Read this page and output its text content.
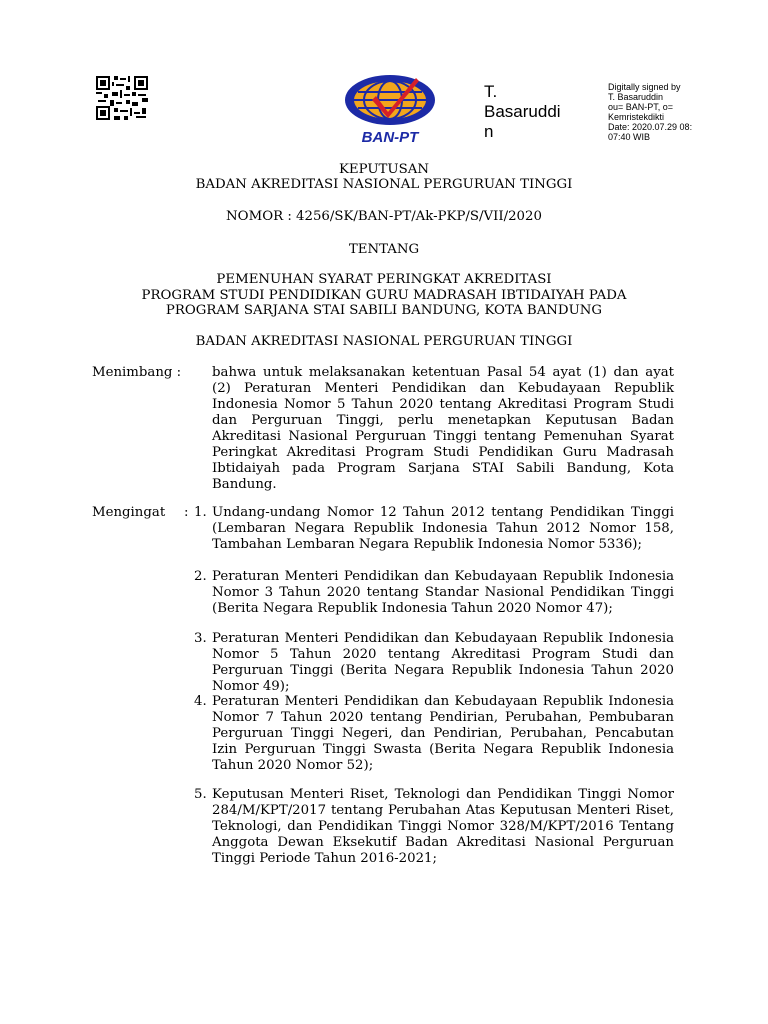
BAN-PT
T.
Basaruddi
n
Digitally signed by
T. Basaruddin
ou= BAN-PT, o=
Kemristekdikti
Date: 2020.07.29 08:
07:40 WIB
KEPUTUSAN
BADAN AKREDITASI NASIONAL PERGURUAN TINGGI
NOMOR : 4256/SK/BAN-PT/Ak-PKP/S/VII/2020
TENTANG
PEMENUHAN SYARAT PERINGKAT AKREDITASI
PROGRAM STUDI PENDIDIKAN GURU MADRASAH IBTIDAIYAH PADA
PROGRAM SARJANA STAI SABILI BANDUNG, KOTA BANDUNG
BADAN AKREDITASI NASIONAL PERGURUAN TINGGI
Menimbang : bahwa untuk melaksanakan ketentuan Pasal 54 ayat (1) dan ayat (2) Peraturan Menteri Pendidikan dan Kebudayaan Republik Indonesia Nomor 5 Tahun 2020 tentang Akreditasi Program Studi dan Perguruan Tinggi, perlu menetapkan Keputusan Badan Akreditasi Nasional Perguruan Tinggi tentang Pemenuhan Syarat Peringkat Akreditasi Program Studi Pendidikan Guru Madrasah Ibtidaiyah pada Program Sarjana STAI Sabili Bandung, Kota Bandung.
Mengingat : 1. Undang-undang Nomor 12 Tahun 2012 tentang Pendidikan Tinggi (Lembaran Negara Republik Indonesia Tahun 2012 Nomor 158, Tambahan Lembaran Negara Republik Indonesia Nomor 5336);
2. Peraturan Menteri Pendidikan dan Kebudayaan Republik Indonesia Nomor 3 Tahun 2020 tentang Standar Nasional Pendidikan Tinggi (Berita Negara Republik Indonesia Tahun 2020 Nomor 47);
3. Peraturan Menteri Pendidikan dan Kebudayaan Republik Indonesia Nomor 5 Tahun 2020 tentang Akreditasi Program Studi dan Perguruan Tinggi (Berita Negara Republik Indonesia Tahun 2020 Nomor 49);
4. Peraturan Menteri Pendidikan dan Kebudayaan Republik Indonesia Nomor 7 Tahun 2020 tentang Pendirian, Perubahan, Pembubaran Perguruan Tinggi Negeri, dan Pendirian, Perubahan, Pencabutan Izin Perguruan Tinggi Swasta (Berita Negara Republik Indonesia Tahun 2020 Nomor 52);
5. Keputusan Menteri Riset, Teknologi dan Pendidikan Tinggi Nomor 284/M/KPT/2017 tentang Perubahan Atas Keputusan Menteri Riset, Teknologi, dan Pendidikan Tinggi Nomor 328/M/KPT/2016 Tentang Anggota Dewan Eksekutif Badan Akreditasi Nasional Perguruan Tinggi Periode Tahun 2016-2021;
